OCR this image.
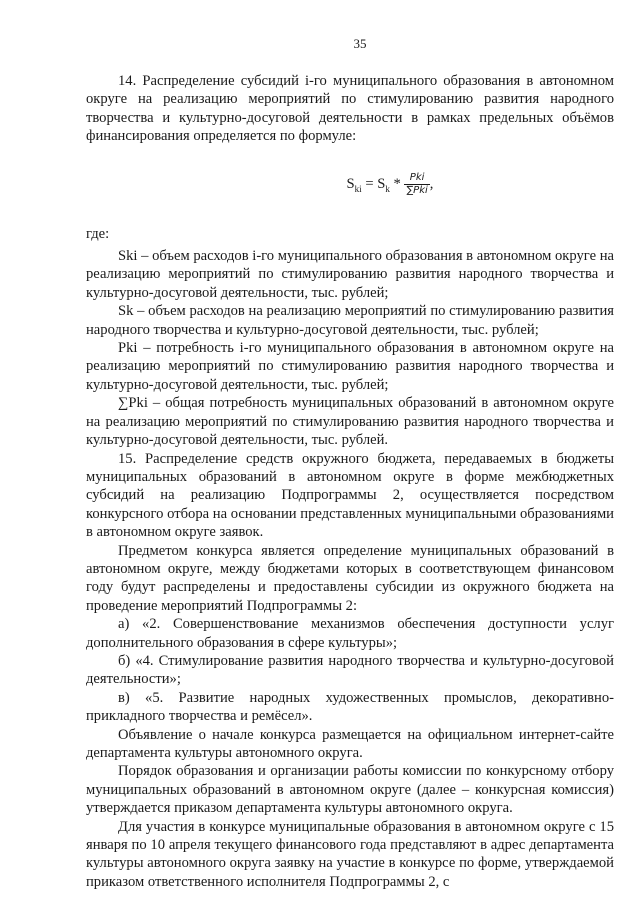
35

14. Распределение субсидий i-го муниципального образования в автономном округе на реализацию мероприятий по стимулированию развития народного творчества и культурно-досуговой деятельности в рамках предельных объёмов финансирования определяется по формуле:

$S_{ki} = S_k * \frac{\text{Pki}}{\text{∑Pki}}$ ,

где:

Ski – объем расходов i-го муниципального образования в автономном округе на реализацию мероприятий по стимулированию развития народного творчества и культурно-досуговой деятельности, тыс. рублей;

Sk – объем расходов на реализацию мероприятий по стимулированию развития народного творчества и культурно-досуговой деятельности, тыс. рублей;

Pki – потребность i-го муниципального образования в автономном округе на реализацию мероприятий по стимулированию развития народного творчества и культурно-досуговой деятельности, тыс. рублей;

∑Pki – общая потребность муниципальных образований в автономном округе на реализацию мероприятий по стимулированию развития народного творчества и культурно-досуговой деятельности, тыс. рублей.

15. Распределение средств окружного бюджета, передаваемых в бюджеты муниципальных образований в автономном округе в форме межбюджетных субсидий на реализацию Подпрограммы 2, осуществляется посредством конкурсного отбора на основании представленных муниципальными образованиями в автономном округе заявок.

Предметом конкурса является определение муниципальных образований в автономном округе, между бюджетами которых в соответствующем финансовом году будут распределены и предоставлены субсидии из окружного бюджета на проведение мероприятий Подпрограммы 2:

а) «2. Совершенствование механизмов обеспечения доступности услуг дополнительного образования в сфере культуры»;

б) «4. Стимулирование развития народного творчества и культурно-досуговой деятельности»;

в) «5. Развитие народных художественных промыслов, декоративно-прикладного творчества и ремёсел».

Объявление о начале конкурса размещается на официальном интернет-сайте департамента культуры автономного округа.

Порядок образования и организации работы комиссии по конкурсному отбору муниципальных образований в автономном округе (далее – конкурсная комиссия) утверждается приказом департамента культуры автономного округа.

Для участия в конкурсе муниципальные образования в автономном округе с 15 января по 10 апреля текущего финансового года представляют в адрес департамента культуры автономного округа заявку на участие в конкурсе по форме, утверждаемой приказом ответственного исполнителя Подпрограммы 2, с
